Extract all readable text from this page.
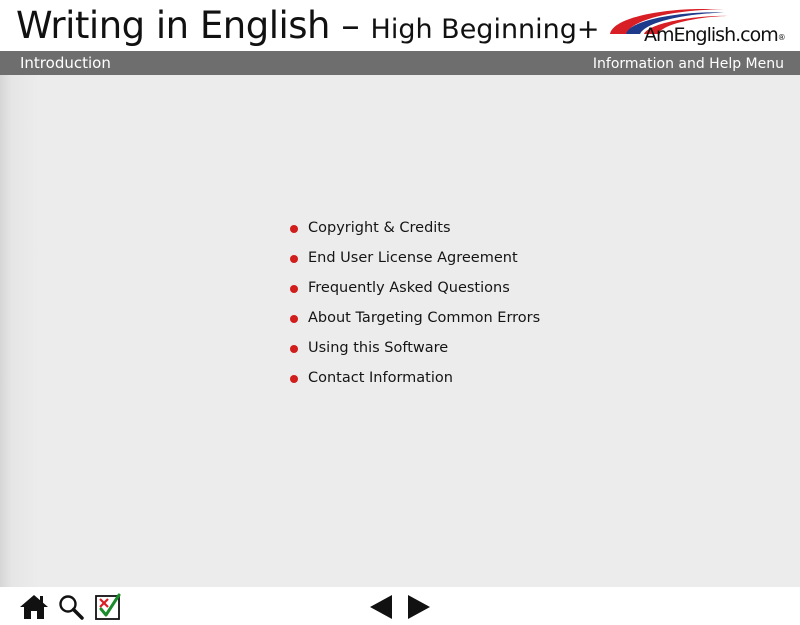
Writing in English – High Beginning+ AmEnglish.com®
Introduction	Information and Help Menu
Copyright & Credits
End User License Agreement
Frequently Asked Questions
About Targeting Common Errors
Using this Software
Contact Information
